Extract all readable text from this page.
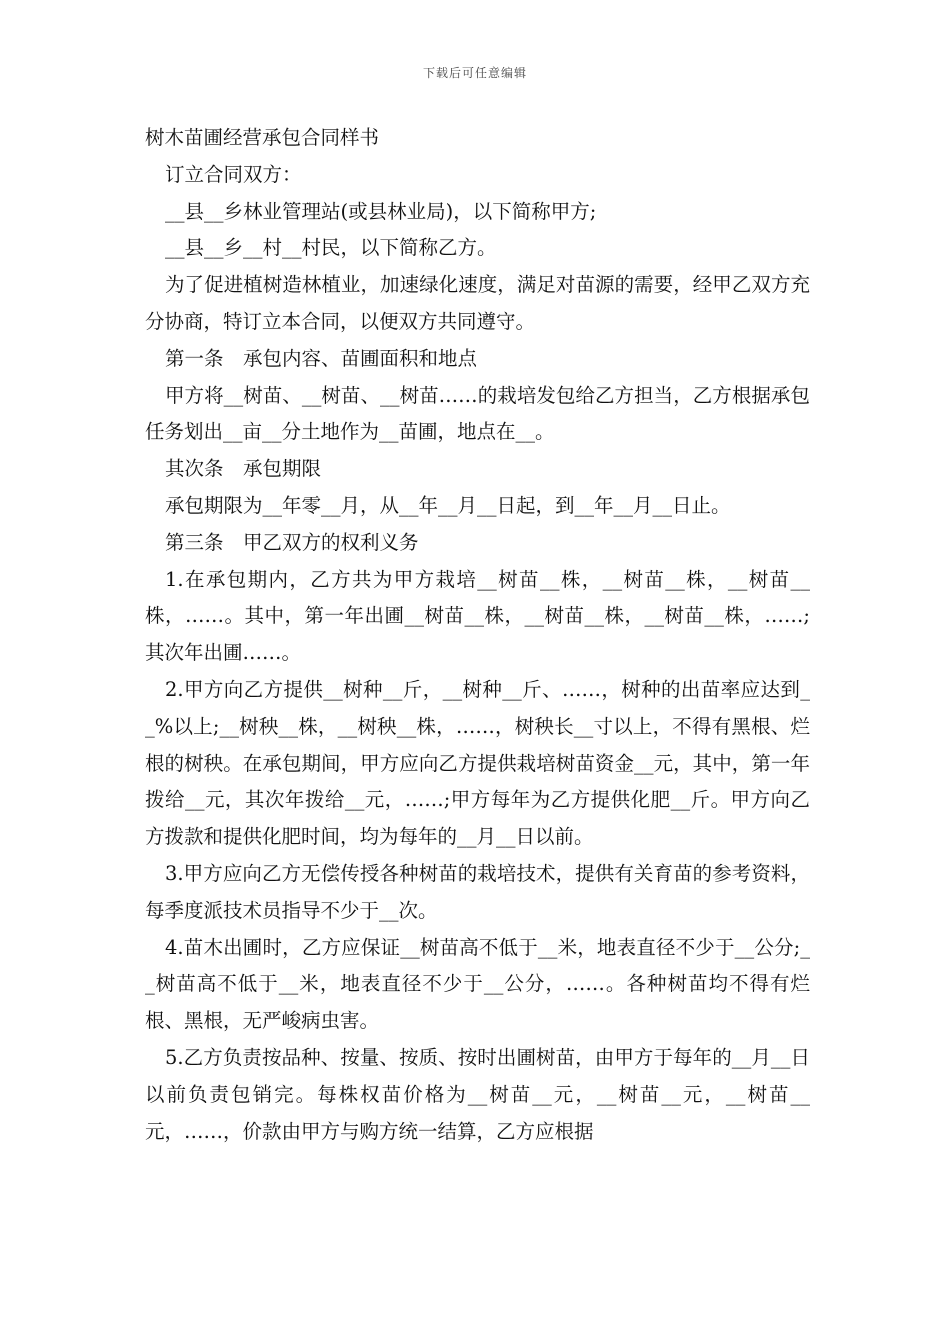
下载后可任意编辑

树木苗圃经营承包合同样书

订立合同双方：

__县__乡林业管理站(或县林业局)，以下简称甲方;

__县__乡__村__村民，以下简称乙方。

为了促进植树造林植业，加速绿化速度，满足对苗源的需要，经甲乙双方充分协商，特订立本合同，以便双方共同遵守。

第一条　承包内容、苗圃面积和地点

甲方将__树苗、__树苗、__树苗……的栽培发包给乙方担当，乙方根据承包任务划出__亩__分土地作为__苗圃，地点在__。

其次条　承包期限

承包期限为__年零__月，从__年__月__日起，到__年__月__日止。

第三条　甲乙双方的权利义务

1.在承包期内，乙方共为甲方栽培__树苗__株，__树苗__株，__树苗__株，……。其中，第一年出圃__树苗__株，__树苗__株，__树苗__株，……;其次年出圃……。

2.甲方向乙方提供__树种__斤，__树种__斤、……，树种的出苗率应达到__%以上;__树秧__株，__树秧__株，……，树秧长__寸以上，不得有黑根、烂根的树秧。在承包期间，甲方应向乙方提供栽培树苗资金__元，其中，第一年拨给__元，其次年拨给__元，……;甲方每年为乙方提供化肥__斤。甲方向乙方拨款和提供化肥时间，均为每年的__月__日以前。

3.甲方应向乙方无偿传授各种树苗的栽培技术，提供有关育苗的参考资料，每季度派技术员指导不少于__次。

4.苗木出圃时，乙方应保证__树苗高不低于__米，地表直径不少于__公分;__树苗高不低于__米，地表直径不少于__公分，……。各种树苗均不得有烂根、黑根，无严峻病虫害。

5.乙方负责按品种、按量、按质、按时出圃树苗，由甲方于每年的__月__日以前负责包销完。每株权苗价格为__树苗__元，__树苗__元，__树苗__元，……，价款由甲方与购方统一结算，乙方应根据
